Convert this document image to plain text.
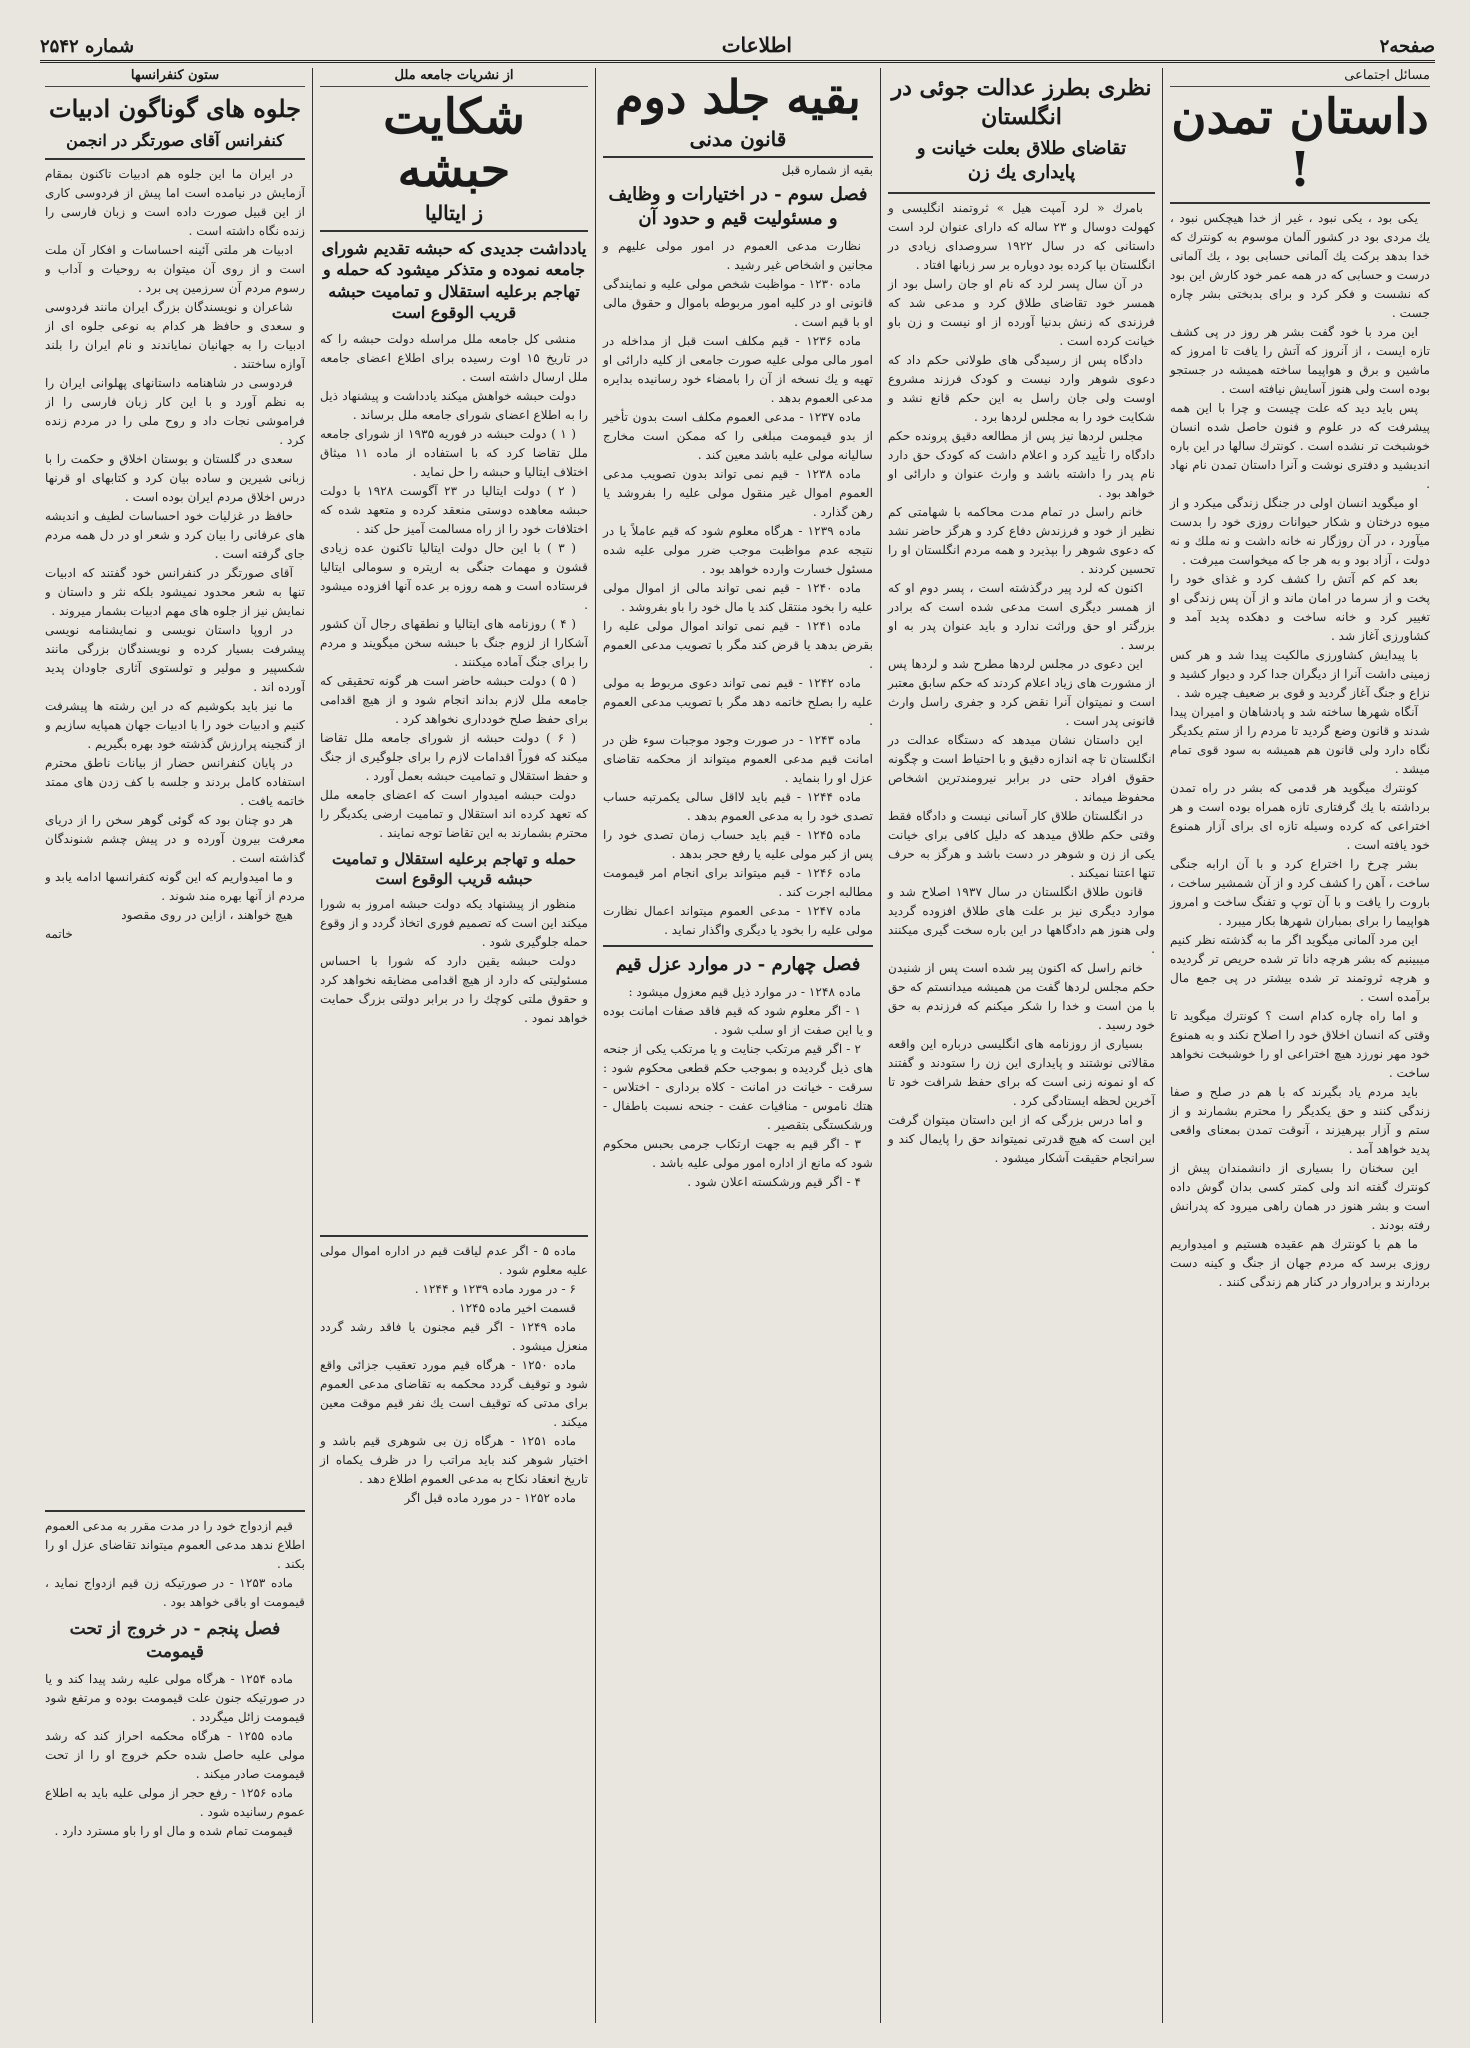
صفحه۲
اطلاعات
شماره ۲۵۴۲
مسائل اجتماعی
داستان تمدن !

یکی بود ، یکی نبود ، غیر از خدا هیچکس نبود ، یك مردی بود در کشور آلمان موسوم به کونترك که خدا بدهد برکت یك آلمانی حسابی بود ، یك آلمانی درست و حسابی که در همه عمر خود کارش این بود که نشست و فکر کرد و برای بدبختی بشر چاره جست .

این مرد با خود گفت بشر هر روز در پی کشف تازه ایست ، از آنروز که آتش را یافت تا امروز که ماشین و برق و هواپیما ساخته همیشه در جستجو بوده است ولی هنوز آسایش نیافته است .

پس باید دید که علت چیست و چرا با این همه پیشرفت که در علوم و فنون حاصل شده انسان خوشبخت تر نشده است . کونترك سالها در این باره اندیشید و دفتری نوشت و آنرا داستان تمدن نام نهاد .

او میگوید انسان اولی در جنگل زندگی میکرد و از میوه درختان و شکار حیوانات روزی خود را بدست میآورد ، در آن روزگار نه خانه داشت و نه ملك و نه دولت ، آزاد بود و به هر جا که میخواست میرفت .

بعد کم کم آتش را کشف کرد و غذای خود را پخت و از سرما در امان ماند و از آن پس زندگی او تغییر کرد و خانه ساخت و دهکده پدید آمد و کشاورزی آغاز شد .

با پیدایش کشاورزی مالکیت پیدا شد و هر کس زمینی داشت آنرا از دیگران جدا کرد و دیوار کشید و نزاع و جنگ آغاز گردید و قوی بر ضعیف چیره شد .

آنگاه شهرها ساخته شد و پادشاهان و امیران پیدا شدند و قانون وضع گردید تا مردم را از ستم یکدیگر نگاه دارد ولی قانون هم همیشه به سود قوی تمام میشد .

کونترك میگوید هر قدمی که بشر در راه تمدن برداشته با یك گرفتاری تازه همراه بوده است و هر اختراعی که کرده وسیله تازه ای برای آزار همنوع خود یافته است .

بشر چرخ را اختراع کرد و با آن ارابه جنگی ساخت ، آهن را کشف کرد و از آن شمشیر ساخت ، باروت را یافت و با آن توپ و تفنگ ساخت و امروز هواپیما را برای بمباران شهرها بکار میبرد .

این مرد آلمانی میگوید اگر ما به گذشته نظر کنیم میبینیم که بشر هرچه دانا تر شده حریص تر گردیده و هرچه ثروتمند تر شده بیشتر در پی جمع مال برآمده است .

و اما راه چاره کدام است ؟ کونترك میگوید تا وقتی که انسان اخلاق خود را اصلاح نکند و به همنوع خود مهر نورزد هیچ اختراعی او را خوشبخت نخواهد ساخت .

باید مردم یاد بگیرند که با هم در صلح و صفا زندگی کنند و حق یکدیگر را محترم بشمارند و از ستم و آزار بپرهیزند ، آنوقت تمدن بمعنای واقعی پدید خواهد آمد .

این سخنان را بسیاری از دانشمندان پیش از کونترك گفته اند ولی کمتر کسی بدان گوش داده است و بشر هنوز در همان راهی میرود که پدرانش رفته بودند .

ما هم با کونترك هم عقیده هستیم و امیدواریم روزی برسد که مردم جهان از جنگ و کینه دست بردارند و برادروار در کنار هم زندگی کنند .

نظری بطرز عدالت جوئی در انگلستان
تقاضای طلاق بعلت خیانت و پایداری یك زن

بامرك « لرد آمپت هیل » ثروتمند انگلیسی و کهولت دوسال و ۲۳ ساله که دارای عنوان لرد است داستانی که در سال ۱۹۲۲ سروصدای زیادی در انگلستان بپا کرده بود دوباره بر سر زبانها افتاد .

در آن سال پسر لرد که نام او جان راسل بود از همسر خود تقاضای طلاق کرد و مدعی شد که فرزندی که زنش بدنیا آورده از او نیست و زن باو خیانت کرده است .

دادگاه پس از رسیدگی های طولانی حکم داد که دعوی شوهر وارد نیست و کودک فرزند مشروع اوست ولی جان راسل به این حکم قانع نشد و شکایت خود را به مجلس لردها برد .

مجلس لردها نیز پس از مطالعه دقیق پرونده حکم دادگاه را تأیید کرد و اعلام داشت که کودک حق دارد نام پدر را داشته باشد و وارث عنوان و دارائی او خواهد بود .

خانم راسل در تمام مدت محاکمه با شهامتی کم نظیر از خود و فرزندش دفاع کرد و هرگز حاضر نشد که دعوی شوهر را بپذیرد و همه مردم انگلستان او را تحسین کردند .

اکنون که لرد پیر درگذشته است ، پسر دوم او که از همسر دیگری است مدعی شده است که برادر بزرگتر او حق وراثت ندارد و باید عنوان پدر به او برسد .

این دعوی در مجلس لردها مطرح شد و لردها پس از مشورت های زیاد اعلام کردند که حکم سابق معتبر است و نمیتوان آنرا نقض کرد و جفری راسل وارث قانونی پدر است .

این داستان نشان میدهد که دستگاه عدالت در انگلستان تا چه اندازه دقیق و با احتیاط است و چگونه حقوق افراد حتی در برابر نیرومندترین اشخاص محفوظ میماند .

در انگلستان طلاق کار آسانی نیست و دادگاه فقط وقتی حکم طلاق میدهد که دلیل کافی برای خیانت یکی از زن و شوهر در دست باشد و هرگز به حرف تنها اعتنا نمیکند .

قانون طلاق انگلستان در سال ۱۹۳۷ اصلاح شد و موارد دیگری نیز بر علت های طلاق افزوده گردید ولی هنوز هم دادگاهها در این باره سخت گیری میکنند .

خانم راسل که اکنون پیر شده است پس از شنیدن حکم مجلس لردها گفت من همیشه میدانستم که حق با من است و خدا را شکر میکنم که فرزندم به حق خود رسید .

بسیاری از روزنامه های انگلیسی درباره این واقعه مقالاتی نوشتند و پایداری این زن را ستودند و گفتند که او نمونه زنی است که برای حفظ شرافت خود تا آخرین لحظه ایستادگی کرد .

و اما درس بزرگی که از این داستان میتوان گرفت این است که هیچ قدرتی نمیتواند حق را پایمال کند و سرانجام حقیقت آشکار میشود .

بقیه جلد دوم
قانون مدنی
بقیه از شماره قبل
فصل سوم - در اختیارات و وظایف و مسئولیت قیم و حدود آن

نظارت مدعی العموم در امور مولی علیهم و مجانین و اشخاص غیر رشید .

ماده ۱۲۳۰ - مواظبت شخص مولی علیه و نمایندگی قانونی او در کلیه امور مربوطه باموال و حقوق مالی او با قیم است .

ماده ۱۲۳۶ - قیم مکلف است قبل از مداخله در امور مالی مولی علیه صورت جامعی از کلیه دارائی او تهیه و یك نسخه از آن را بامضاء خود رسانیده بدایره مدعی العموم بدهد .

ماده ۱۲۳۷ - مدعی العموم مکلف است بدون تأخیر از بدو قیمومت مبلغی را که ممکن است مخارج سالیانه مولی علیه باشد معین کند .

ماده ۱۲۳۸ - قیم نمی تواند بدون تصویب مدعی العموم اموال غیر منقول مولی علیه را بفروشد یا رهن گذارد .

ماده ۱۲۳۹ - هرگاه معلوم شود که قیم عاملاً یا در نتیجه عدم مواظبت موجب ضرر مولی علیه شده مسئول خسارت وارده خواهد بود .

ماده ۱۲۴۰ - قیم نمی تواند مالی از اموال مولی علیه را بخود منتقل کند یا مال خود را باو بفروشد .

ماده ۱۲۴۱ - قیم نمی تواند اموال مولی علیه را بقرض بدهد یا قرض کند مگر با تصویب مدعی العموم .

ماده ۱۲۴۲ - قیم نمی تواند دعوی مربوط به مولی علیه را بصلح خاتمه دهد مگر با تصویب مدعی العموم .

ماده ۱۲۴۳ - در صورت وجود موجبات سوء ظن در امانت قیم مدعی العموم میتواند از محکمه تقاضای عزل او را بنماید .

ماده ۱۲۴۴ - قیم باید لااقل سالی یکمرتبه حساب تصدی خود را به مدعی العموم بدهد .

ماده ۱۲۴۵ - قیم باید حساب زمان تصدی خود را پس از کبر مولی علیه یا رفع حجر بدهد .

ماده ۱۲۴۶ - قیم میتواند برای انجام امر قیمومت مطالبه اجرت کند .

ماده ۱۲۴۷ - مدعی العموم میتواند اعمال نظارت مولی علیه را بخود یا دیگری واگذار نماید .

فصل چهارم - در موارد عزل قیم

ماده ۱۲۴۸ - در موارد ذیل قیم معزول میشود :

۱ - اگر معلوم شود که قیم فاقد صفات امانت بوده و یا این صفت از او سلب شود .

۲ - اگر قیم مرتکب جنایت و یا مرتکب یکی از جنحه های ذیل گردیده و بموجب حکم قطعی محکوم شود : سرقت - خیانت در امانت - کلاه برداری - اختلاس - هتك ناموس - منافیات عفت - جنحه نسبت باطفال - ورشکستگی بتقصیر .

۳ - اگر قیم به جهت ارتکاب جرمی بحبس محکوم شود که مانع از اداره امور مولی علیه باشد .

۴ - اگر قیم ورشکسته اعلان شود .

از نشریات جامعه ملل
شکایت حبشه
ز ایتالیا
یادداشت جدیدی که حبشه تقدیم شورای جامعه نموده و متذکر میشود که حمله و تهاجم برعلیه استقلال و تمامیت حبشه قریب الوقوع است

منشی کل جامعه ملل مراسله دولت حبشه را که در تاریخ ۱۵ اوت رسیده برای اطلاع اعضای جامعه ملل ارسال داشته است .

دولت حبشه خواهش میکند یادداشت و پیشنهاد ذیل را به اطلاع اعضای شورای جامعه ملل برساند .

( ۱ ) دولت حبشه در فوریه ۱۹۳۵ از شورای جامعه ملل تقاضا کرد که با استفاده از ماده ۱۱ میثاق اختلاف ایتالیا و حبشه را حل نماید .

( ۲ ) دولت ایتالیا در ۲۳ آگوست ۱۹۲۸ با دولت حبشه معاهده دوستی منعقد کرده و متعهد شده که اختلافات خود را از راه مسالمت آمیز حل کند .

( ۳ ) با این حال دولت ایتالیا تاکنون عده زیادی قشون و مهمات جنگی به اریتره و سومالی ایتالیا فرستاده است و همه روزه بر عده آنها افزوده میشود .

( ۴ ) روزنامه های ایتالیا و نطقهای رجال آن کشور آشکارا از لزوم جنگ با حبشه سخن میگویند و مردم را برای جنگ آماده میکنند .

( ۵ ) دولت حبشه حاضر است هر گونه تحقیقی که جامعه ملل لازم بداند انجام شود و از هیچ اقدامی برای حفظ صلح خودداری نخواهد کرد .

( ۶ ) دولت حبشه از شورای جامعه ملل تقاضا میکند که فوراً اقدامات لازم را برای جلوگیری از جنگ و حفظ استقلال و تمامیت حبشه بعمل آورد .

دولت حبشه امیدوار است که اعضای جامعه ملل که تعهد کرده اند استقلال و تمامیت ارضی یکدیگر را محترم بشمارند به این تقاضا توجه نمایند .

حمله و تهاجم برعلیه استقلال و تمامیت حبشه قریب الوقوع است

منظور از پیشنهاد یکه دولت حبشه امروز به شورا میکند این است که تصمیم فوری اتخاذ گردد و از وقوع حمله جلوگیری شود .

دولت حبشه یقین دارد که شورا با احساس مسئولیتی که دارد از هیچ اقدامی مضایقه نخواهد کرد و حقوق ملتی کوچك را در برابر دولتی بزرگ حمایت خواهد نمود .

ماده ۵ - اگر عدم لیاقت قیم در اداره اموال مولی علیه معلوم شود .

۶ - در مورد ماده ۱۲۳۹ و ۱۲۴۴ .

قسمت اخیر ماده ۱۲۴۵ .

ماده ۱۲۴۹ - اگر قیم مجنون یا فاقد رشد گردد منعزل میشود .

ماده ۱۲۵۰ - هرگاه قیم مورد تعقیب جزائی واقع شود و توقیف گردد محکمه به تقاضای مدعی العموم برای مدتی که توقیف است یك نفر قیم موقت معین میکند .

ماده ۱۲۵۱ - هرگاه زن بی شوهری قیم باشد و اختیار شوهر کند باید مراتب را در ظرف یکماه از تاریخ انعقاد نکاح به مدعی العموم اطلاع دهد .

ماده ۱۲۵۲ - در مورد ماده قبل اگر

ستون کنفرانسها
جلوه های گوناگون ادبیات
کنفرانس آقای صورتگر در انجمن

در ایران ما این جلوه هم ادبیات تاکنون بمقام آزمایش در نیامده است اما پیش از فردوسی کاری از این قبیل صورت داده است و زبان فارسی را زنده نگاه داشته است .

ادبیات هر ملتی آئینه احساسات و افکار آن ملت است و از روی آن میتوان به روحیات و آداب و رسوم مردم آن سرزمین پی برد .

شاعران و نویسندگان بزرگ ایران مانند فردوسی و سعدی و حافظ هر کدام به نوعی جلوه ای از ادبیات را به جهانیان نمایاندند و نام ایران را بلند آوازه ساختند .

فردوسی در شاهنامه داستانهای پهلوانی ایران را به نظم آورد و با این کار زبان فارسی را از فراموشی نجات داد و روح ملی را در مردم زنده کرد .

سعدی در گلستان و بوستان اخلاق و حکمت را با زبانی شیرین و ساده بیان کرد و کتابهای او قرنها درس اخلاق مردم ایران بوده است .

حافظ در غزلیات خود احساسات لطیف و اندیشه های عرفانی را بیان کرد و شعر او در دل همه مردم جای گرفته است .

آقای صورتگر در کنفرانس خود گفتند که ادبیات تنها به شعر محدود نمیشود بلکه نثر و داستان و نمایش نیز از جلوه های مهم ادبیات بشمار میروند .

در اروپا داستان نویسی و نمایشنامه نویسی پیشرفت بسیار کرده و نویسندگان بزرگی مانند شکسپیر و مولیر و تولستوی آثاری جاودان پدید آورده اند .

ما نیز باید بکوشیم که در این رشته ها پیشرفت کنیم و ادبیات خود را با ادبیات جهان همپایه سازیم و از گنجینه پرارزش گذشته خود بهره بگیریم .

در پایان کنفرانس حضار از بیانات ناطق محترم استفاده کامل بردند و جلسه با کف زدن های ممتد خاتمه یافت .

هر دو چنان بود که گوئی گوهر سخن را از دریای معرفت بیرون آورده و در پیش چشم شنوندگان گذاشته است .

و ما امیدواریم که این گونه کنفرانسها ادامه یابد و مردم از آنها بهره مند شوند .

هیچ خواهند ، ازاین در روی مقصود

خاتمه

قیم ازدواج خود را در مدت مقرر به مدعی العموم اطلاع ندهد مدعی العموم میتواند تقاضای عزل او را بکند .

ماده ۱۲۵۳ - در صورتیکه زن قیم ازدواج نماید ، قیمومت او باقی خواهد بود .

فصل پنجم - در خروج از تحت قیمومت

ماده ۱۲۵۴ - هرگاه مولی علیه رشد پیدا کند و یا در صورتیکه جنون علت قیمومت بوده و مرتفع شود قیمومت زائل میگردد .

ماده ۱۲۵۵ - هرگاه محکمه احراز کند که رشد مولی علیه حاصل شده حکم خروج او را از تحت قیمومت صادر میکند .

ماده ۱۲۵۶ - رفع حجر از مولی علیه باید به اطلاع عموم رسانیده شود .

قیمومت تمام شده و مال او را باو مسترد دارد .
